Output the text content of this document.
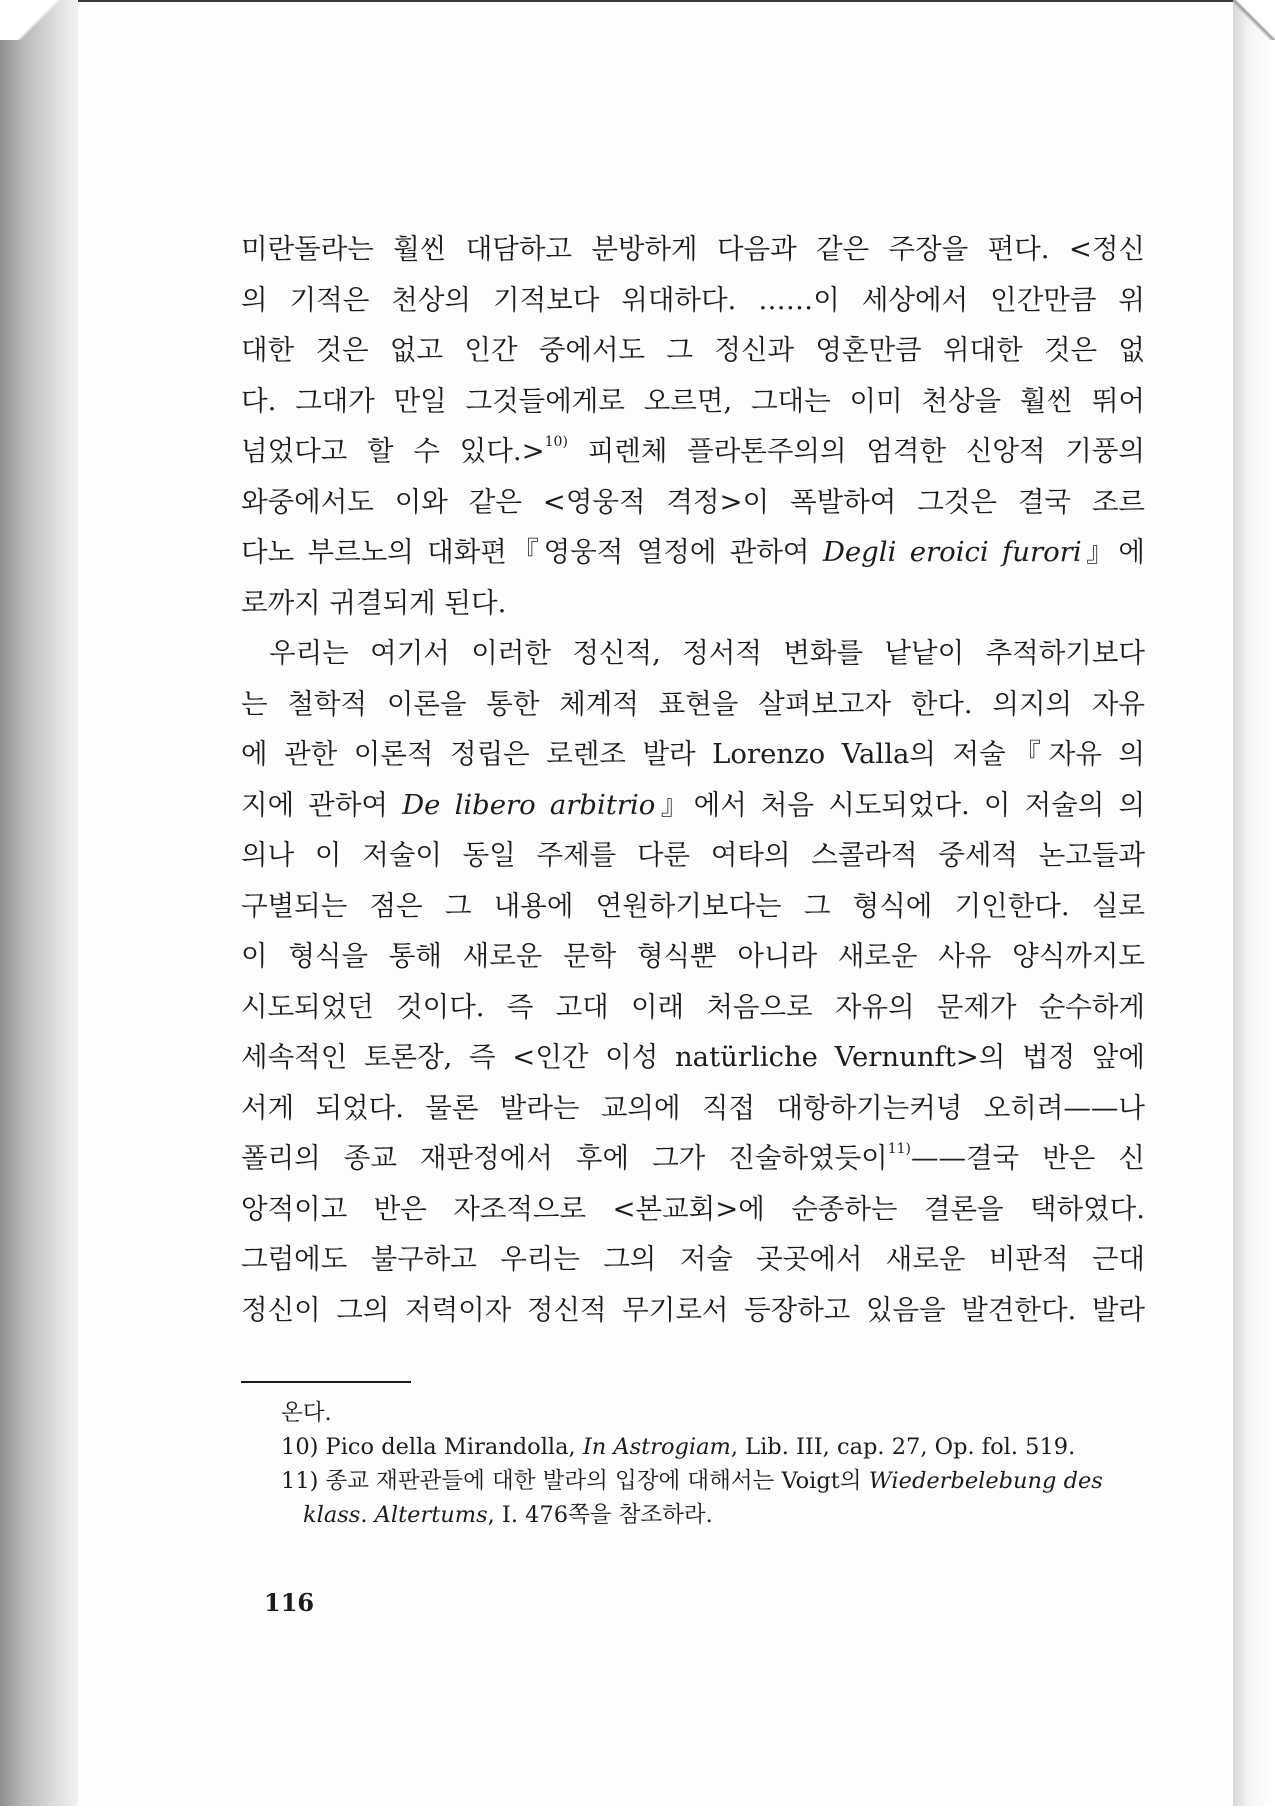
미란돌라는 훨씬 대담하고 분방하게 다음과 같은 주장을 편다. <정신
의 기적은 천상의 기적보다 위대하다. ……이 세상에서 인간만큼 위
대한 것은 없고 인간 중에서도 그 정신과 영혼만큼 위대한 것은 없
다. 그대가 만일 그것들에게로 오르면, 그대는 이미 천상을 훨씬 뛰어
넘었다고 할 수 있다.>$^{10)}$ 피렌체 플라톤주의의 엄격한 신앙적 기풍의
와중에서도 이와 같은 <영웅적 격정>이 폭발하여 그것은 결국 조르
다노 부르노의 대화편『영웅적 열정에 관하여 Degli eroici furori』에
로까지 귀결되게 된다.
우리는 여기서 이러한 정신적, 정서적 변화를 낱낱이 추적하기보다
는 철학적 이론을 통한 체계적 표현을 살펴보고자 한다. 의지의 자유
에 관한 이론적 정립은 로렌조 발라 Lorenzo Valla의 저술『자유 의
지에 관하여 De libero arbitrio』에서 처음 시도되었다. 이 저술의 의
의나 이 저술이 동일 주제를 다룬 여타의 스콜라적 중세적 논고들과
구별되는 점은 그 내용에 연원하기보다는 그 형식에 기인한다. 실로
이 형식을 통해 새로운 문학 형식뿐 아니라 새로운 사유 양식까지도
시도되었던 것이다. 즉 고대 이래 처음으로 자유의 문제가 순수하게
세속적인 토론장, 즉 <인간 이성 natürliche Vernunft>의 법정 앞에
서게 되었다. 물론 발라는 교의에 직접 대항하기는커녕 오히려——나
폴리의 종교 재판정에서 후에 그가 진술하였듯이$^{11)}$——결국 반은 신
앙적이고 반은 자조적으로 <본교회>에 순종하는 결론을 택하였다.
그럼에도 불구하고 우리는 그의 저술 곳곳에서 새로운 비판적 근대
정신이 그의 저력이자 정신적 무기로서 등장하고 있음을 발견한다. 발라
온다.
10) Pico della Mirandolla, In Astrogiam, Lib. III, cap. 27, Op. fol. 519.
11) 종교 재판관들에 대한 발라의 입장에 대해서는 Voigt의 Wiederbelebung des
klass. Altertums, I. 476쪽을 참조하라.
116
